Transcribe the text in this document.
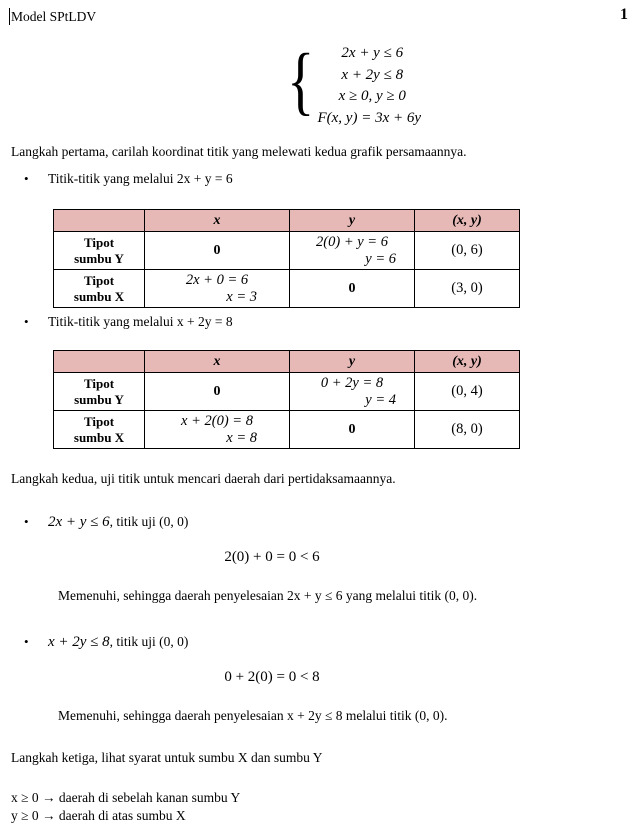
Model SPtLDV	1
{	2x + y ≤ 6
x + 2y ≤ 8
x ≥ 0, y ≥ 0
F(x, y) = 3x + 6y
Langkah pertama, carilah koordinat titik yang melewati kedua grafik persamaannya.
• Titik-titik yang melalui 2x + y = 6
	x	y	(x, y)
Tipot
sumbu Y	0	2(0) + y = 6
y = 6	(0, 6)
Tipot
sumbu X	2x + 0 = 6
x = 3	0	(3, 0)
• Titik-titik yang melalui x + 2y = 8
	x	y	(x, y)
Tipot
sumbu Y	0	0 + 2y = 8
y = 4	(0, 4)
Tipot
sumbu X	x + 2(0) = 8
x = 8	0	(8, 0)
Langkah kedua, uji titik untuk mencari daerah dari pertidaksamaannya.
• 2x + y ≤ 6, titik uji (0, 0)
2(0) + 0 = 0 < 6
Memenuhi, sehingga daerah penyelesaian 2x + y ≤ 6 yang melalui titik (0, 0).
• x + 2y ≤ 8, titik uji (0, 0)
0 + 2(0) = 0 < 8
Memenuhi, sehingga daerah penyelesaian x + 2y ≤ 8 melalui titik (0, 0).
Langkah ketiga, lihat syarat untuk sumbu X dan sumbu Y
x ≥ 0 → daerah di sebelah kanan sumbu Y
y ≥ 0 → daerah di atas sumbu X
